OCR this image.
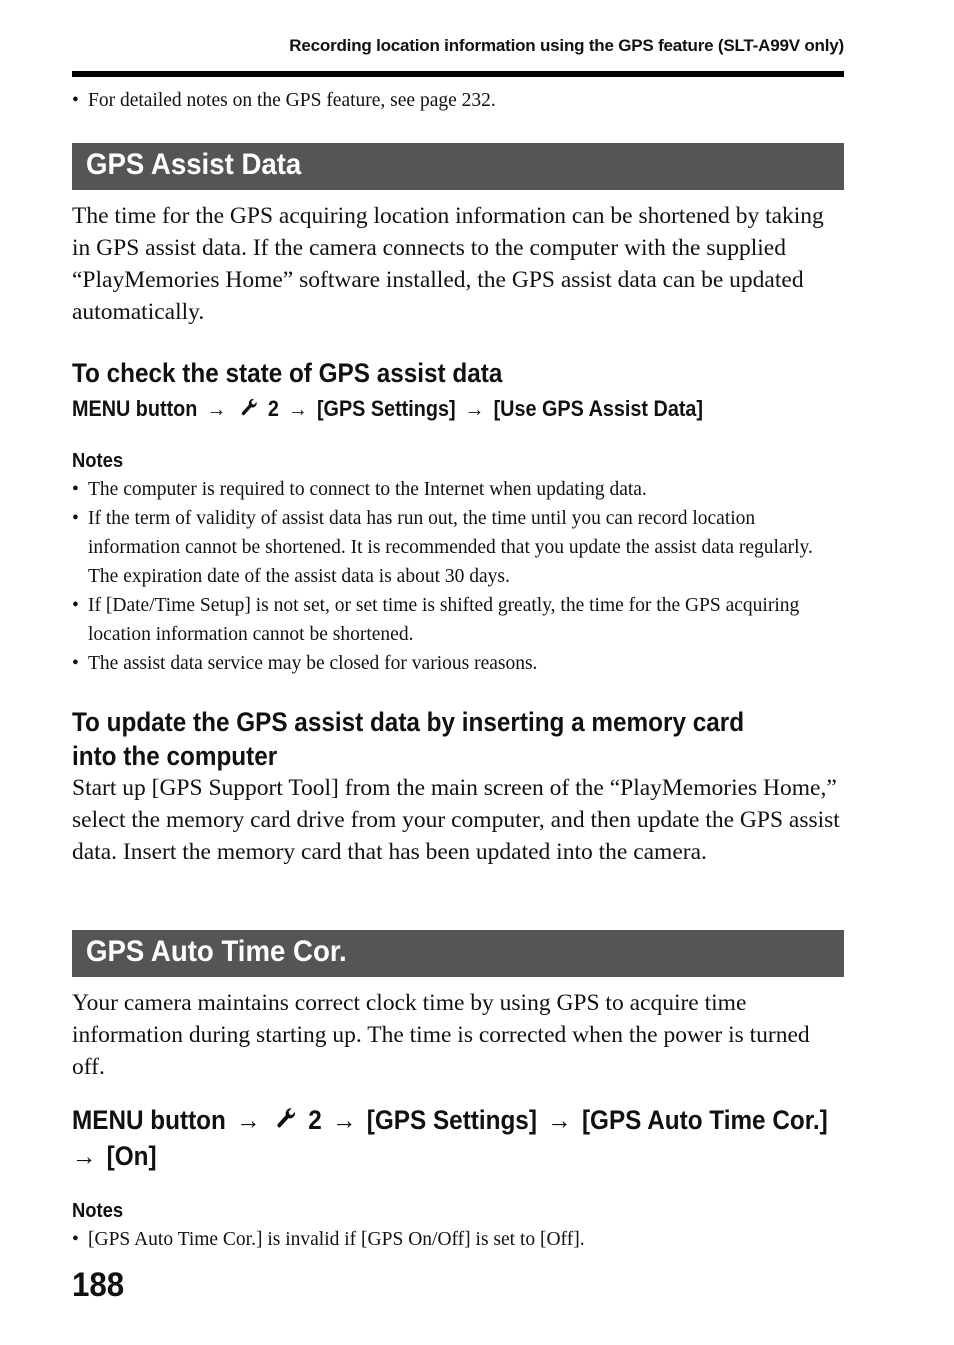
Recording location information using the GPS feature (SLT-A99V only)
• For detailed notes on the GPS feature, see page 232.
GPS Assist Data
The time for the GPS acquiring location information can be shortened by taking in GPS assist data. If the camera connects to the computer with the supplied “PlayMemories Home” software installed, the GPS assist data can be updated automatically.
To check the state of GPS assist data
MENU button → 2 → [GPS Settings] → [Use GPS Assist Data]
Notes
• The computer is required to connect to the Internet when updating data.
• If the term of validity of assist data has run out, the time until you can record location information cannot be shortened. It is recommended that you update the assist data regularly. The expiration date of the assist data is about 30 days.
• If [Date/Time Setup] is not set, or set time is shifted greatly, the time for the GPS acquiring location information cannot be shortened.
• The assist data service may be closed for various reasons.
To update the GPS assist data by inserting a memory card into the computer
Start up [GPS Support Tool] from the main screen of the “PlayMemories Home,” select the memory card drive from your computer, and then update the GPS assist data. Insert the memory card that has been updated into the camera.
GPS Auto Time Cor.
Your camera maintains correct clock time by using GPS to acquire time information during starting up. The time is corrected when the power is turned off.
MENU button → 2 → [GPS Settings] → [GPS Auto Time Cor.]
→ [On]
Notes
• [GPS Auto Time Cor.] is invalid if [GPS On/Off] is set to [Off].
188
